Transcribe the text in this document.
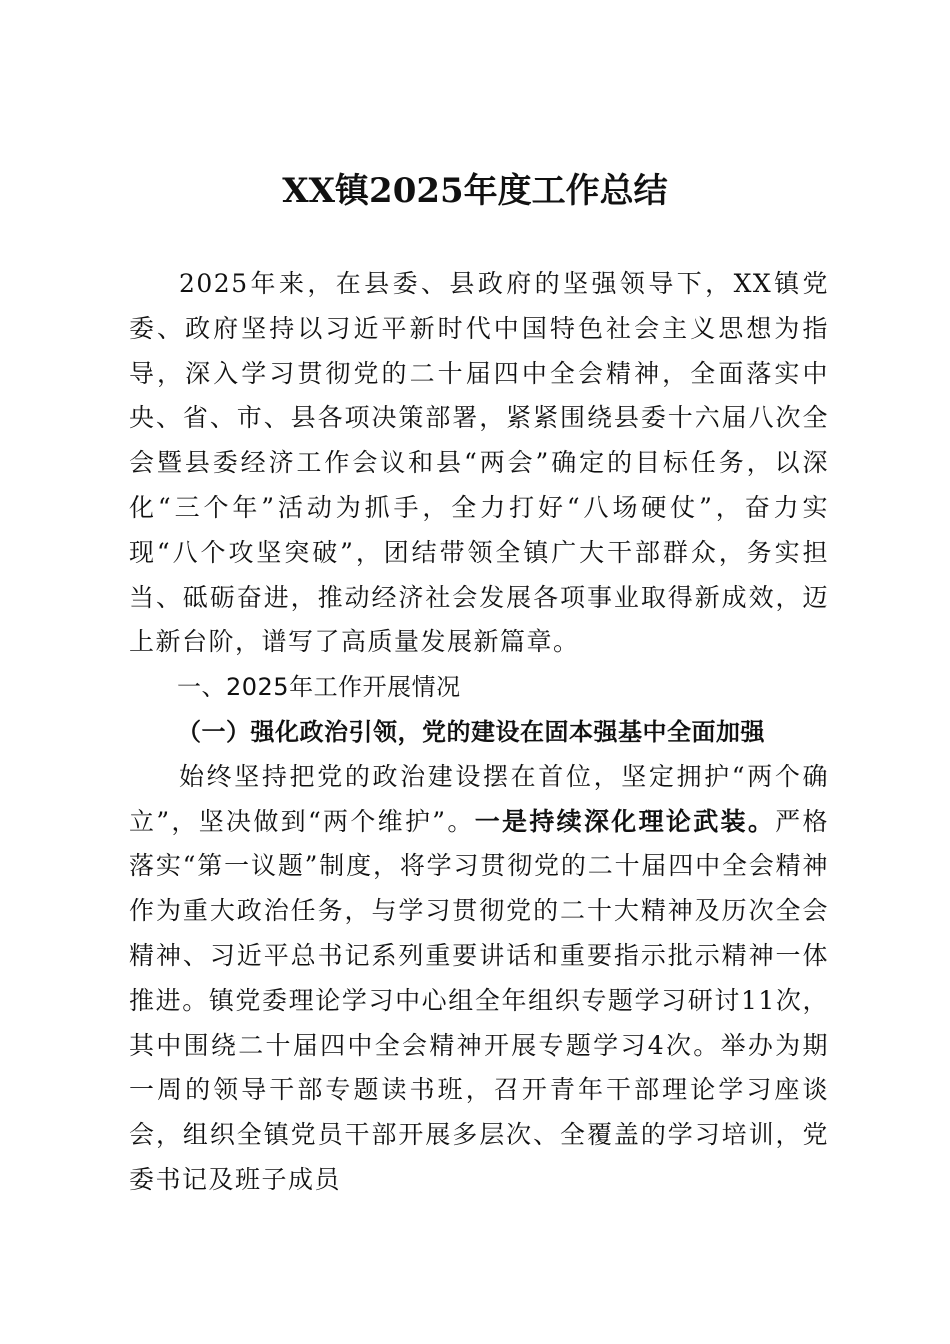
XX镇2025年度工作总结

2025年来，在县委、县政府的坚强领导下，XX镇党委、政府坚持以习近平新时代中国特色社会主义思想为指导，深入学习贯彻党的二十届四中全会精神，全面落实中央、省、市、县各项决策部署，紧紧围绕县委十六届八次全会暨县委经济工作会议和县“两会”确定的目标任务，以深化“三个年”活动为抓手，全力打好“八场硬仗”，奋力实现“八个攻坚突破”，团结带领全镇广大干部群众，务实担当、砥砺奋进，推动经济社会发展各项事业取得新成效，迈上新台阶，谱写了高质量发展新篇章。

一、2025年工作开展情况

（一）强化政治引领，党的建设在固本强基中全面加强

始终坚持把党的政治建设摆在首位，坚定拥护“两个确立”，坚决做到“两个维护”。一是持续深化理论武装。严格落实“第一议题”制度，将学习贯彻党的二十届四中全会精神作为重大政治任务，与学习贯彻党的二十大精神及历次全会精神、习近平总书记系列重要讲话和重要指示批示精神一体推进。镇党委理论学习中心组全年组织专题学习研讨11次，其中围绕二十届四中全会精神开展专题学习4次。举办为期一周的领导干部专题读书班，召开青年干部理论学习座谈会，组织全镇党员干部开展多层次、全覆盖的学习培训，党委书记及班子成员
